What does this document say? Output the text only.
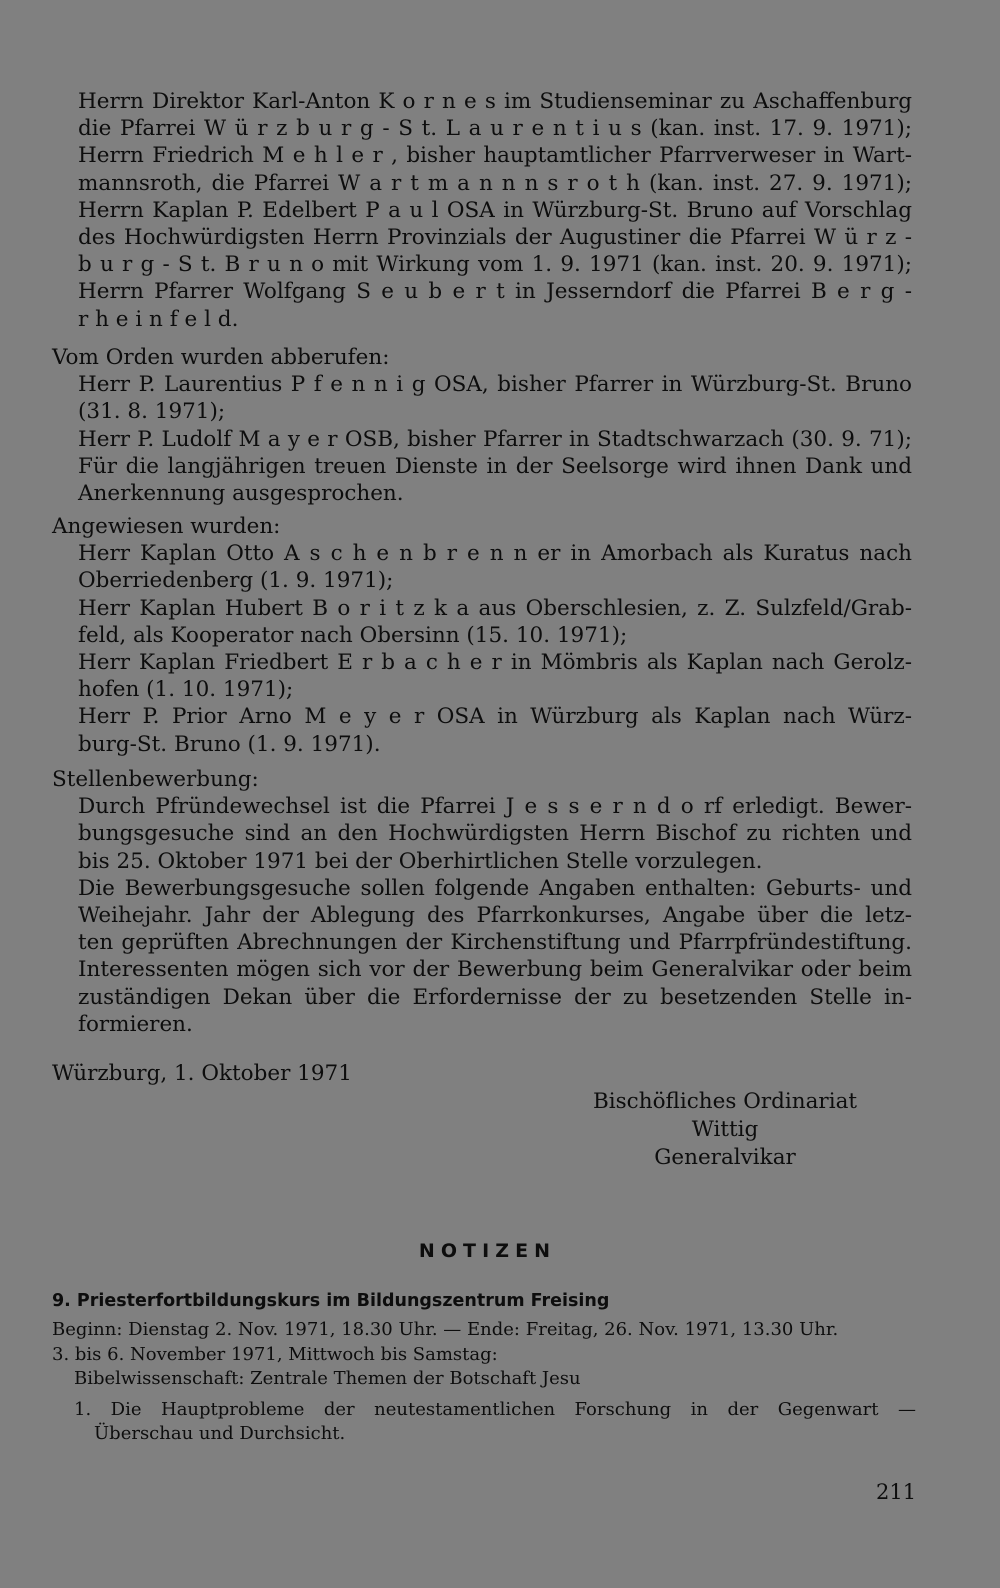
Herrn Direktor Karl-Anton K o r n e s im Studienseminar zu Aschaffenburg
die Pfarrei W ü r z b u r g - S t. L a u r e n t i u s (kan. inst. 17. 9. 1971);
Herrn Friedrich M e h l e r , bisher hauptamtlicher Pfarrverweser in Wart-
mannsroth, die Pfarrei W a r t m a n n n s r o t h (kan. inst. 27. 9. 1971);
Herrn Kaplan P. Edelbert P a u l OSA in Würzburg-St. Bruno auf Vorschlag
des Hochwürdigsten Herrn Provinzials der Augustiner die Pfarrei W ü r z -
b u r g - S t. B r u n o mit Wirkung vom 1. 9. 1971 (kan. inst. 20. 9. 1971);
Herrn Pfarrer Wolfgang S e u b e r t in Jesserndorf die Pfarrei B e r g -
r h e i n f e l d.
Vom Orden wurden abberufen:
Herr P. Laurentius P f e n n i g OSA, bisher Pfarrer in Würzburg-St. Bruno
(31. 8. 1971);
Herr P. Ludolf M a y e r OSB, bisher Pfarrer in Stadtschwarzach (30. 9. 71);
Für die langjährigen treuen Dienste in der Seelsorge wird ihnen Dank und
Anerkennung ausgesprochen.
Angewiesen wurden:
Herr Kaplan Otto A s c h e n b r e n n er in Amorbach als Kuratus nach
Oberriedenberg (1. 9. 1971);
Herr Kaplan Hubert B o r i t z k a aus Oberschlesien, z. Z. Sulzfeld/Grab-
feld, als Kooperator nach Obersinn (15. 10. 1971);
Herr Kaplan Friedbert E r b a c h e r in Mömbris als Kaplan nach Gerolz-
hofen (1. 10. 1971);
Herr P. Prior Arno M e y e r OSA in Würzburg als Kaplan nach Würz-
burg-St. Bruno (1. 9. 1971).
Stellenbewerbung:
Durch Pfründewechsel ist die Pfarrei J e s s e r n d o rf erledigt. Bewer-
bungsgesuche sind an den Hochwürdigsten Herrn Bischof zu richten und
bis 25. Oktober 1971 bei der Oberhirtlichen Stelle vorzulegen.
Die Bewerbungsgesuche sollen folgende Angaben enthalten: Geburts- und
Weihejahr. Jahr der Ablegung des Pfarrkonkurses, Angabe über die letz-
ten geprüften Abrechnungen der Kirchenstiftung und Pfarrpfründestiftung.
Interessenten mögen sich vor der Bewerbung beim Generalvikar oder beim
zuständigen Dekan über die Erfordernisse der zu besetzenden Stelle in-
formieren.
Würzburg, 1. Oktober 1971
Bischöfliches Ordinariat
Wittig
Generalvikar
NOTIZEN
9. Priesterfortbildungskurs im Bildungszentrum Freising
Beginn: Dienstag 2. Nov. 1971, 18.30 Uhr. — Ende: Freitag, 26. Nov. 1971, 13.30 Uhr.
3. bis 6. November 1971, Mittwoch bis Samstag:
Bibelwissenschaft: Zentrale Themen der Botschaft Jesu
1. Die Hauptprobleme der neutestamentlichen Forschung in der Gegenwart —
Überschau und Durchsicht.
211
